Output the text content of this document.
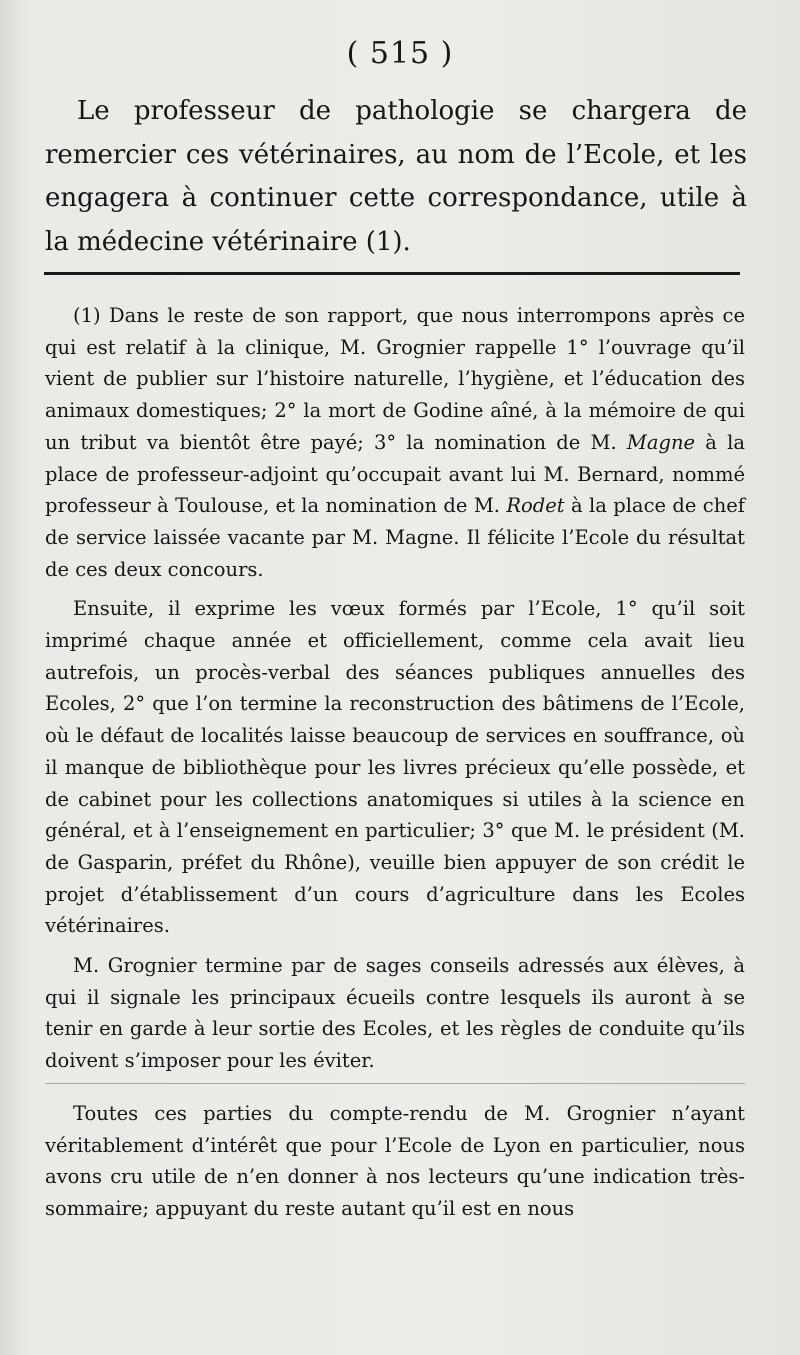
( 515 )

Le professeur de pathologie se chargera de remercier ces vétérinaires, au nom de l’Ecole, et les engagera à continuer cette correspondance, utile à la médecine vétérinaire (1).

(1) Dans le reste de son rapport, que nous interrompons après ce qui est relatif à la clinique, M. Grognier rappelle 1° l’ouvrage qu’il vient de publier sur l’histoire naturelle, l’hygiène, et l’éducation des animaux domestiques; 2° la mort de Godine aîné, à la mémoire de qui un tribut va bientôt être payé; 3° la nomination de M. Magne à la place de professeur-adjoint qu’occupait avant lui M. Bernard, nommé professeur à Toulouse, et la nomination de M. Rodet à la place de chef de service laissée vacante par M. Magne. Il félicite l’Ecole du résultat de ces deux concours.

Ensuite, il exprime les vœux formés par l’Ecole, 1° qu’il soit imprimé chaque année et officiellement, comme cela avait lieu autrefois, un procès-verbal des séances publiques annuelles des Ecoles, 2° que l’on termine la reconstruction des bâtimens de l’Ecole, où le défaut de localités laisse beaucoup de services en souffrance, où il manque de bibliothèque pour les livres précieux qu’elle possède, et de cabinet pour les collections anatomiques si utiles à la science en général, et à l’enseignement en particulier; 3° que M. le président (M. de Gasparin, préfet du Rhône), veuille bien appuyer de son crédit le projet d’établissement d’un cours d’agriculture dans les Ecoles vétérinaires.

M. Grognier termine par de sages conseils adressés aux élèves, à qui il signale les principaux écueils contre lesquels ils auront à se tenir en garde à leur sortie des Ecoles, et les règles de conduite qu’ils doivent s’imposer pour les éviter.

Toutes ces parties du compte-rendu de M. Grognier n’ayant véritablement d’intérêt que pour l’Ecole de Lyon en particulier, nous avons cru utile de n’en donner à nos lecteurs qu’une indication très-sommaire; appuyant du reste autant qu’il est en nous
